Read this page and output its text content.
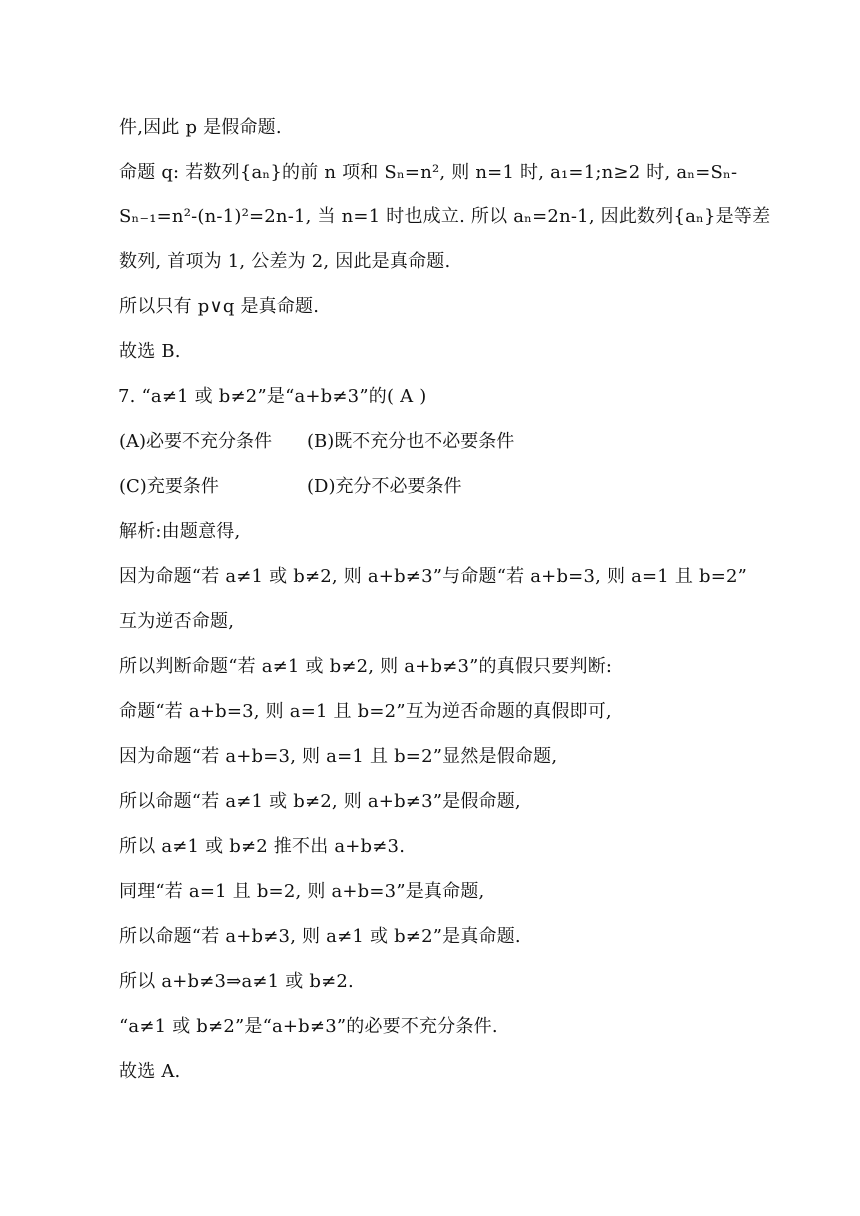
件,因此 p 是假命题.
命题 q: 若数列{aₙ}的前 n 项和 Sₙ=n², 则 n=1 时, a₁=1;n≥2 时, aₙ=Sₙ-
Sₙ₋₁=n²-(n-1)²=2n-1, 当 n=1 时也成立. 所以 aₙ=2n-1, 因此数列{aₙ}是等差
数列, 首项为 1, 公差为 2, 因此是真命题.
所以只有 p∨q 是真命题.
故选 B.
7. “a≠1 或 b≠2”是“a+b≠3”的( A )
(A)必要不充分条件 (B)既不充分也不必要条件
(C)充要条件	(D)充分不必要条件
解析:由题意得,
因为命题“若 a≠1 或 b≠2, 则 a+b≠3”与命题“若 a+b=3, 则 a=1 且 b=2”
互为逆否命题,
所以判断命题“若 a≠1 或 b≠2, 则 a+b≠3”的真假只要判断:
命题“若 a+b=3, 则 a=1 且 b=2”互为逆否命题的真假即可,
因为命题“若 a+b=3, 则 a=1 且 b=2”显然是假命题,
所以命题“若 a≠1 或 b≠2, 则 a+b≠3”是假命题,
所以 a≠1 或 b≠2 推不出 a+b≠3.
同理“若 a=1 且 b=2, 则 a+b=3”是真命题,
所以命题“若 a+b≠3, 则 a≠1 或 b≠2”是真命题.
所以 a+b≠3⇒a≠1 或 b≠2.
“a≠1 或 b≠2”是“a+b≠3”的必要不充分条件.
故选 A.
